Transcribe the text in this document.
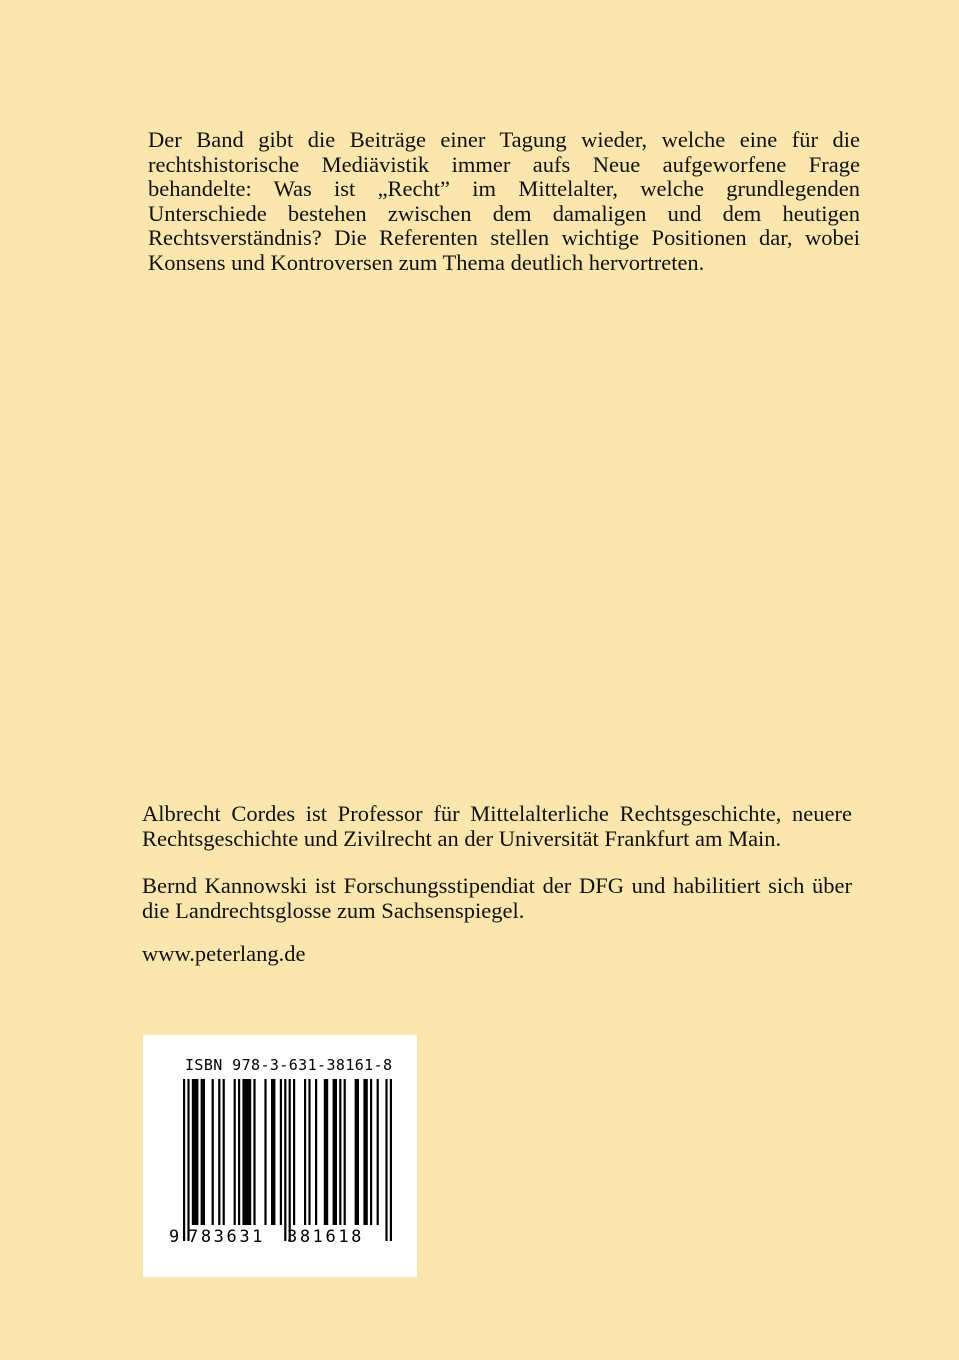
Der Band gibt die Beiträge einer Tagung wieder, welche eine für die rechtshistorische Mediävistik immer aufs Neue aufgeworfene Frage behandelte: Was ist „Recht” im Mittelalter, welche grundlegenden Unterschiede bestehen zwischen dem damaligen und dem heutigen Rechtsverständnis? Die Referenten stellen wichtige Positionen dar, wobei Konsens und Kontroversen zum Thema deutlich hervortreten.

Albrecht Cordes ist Professor für Mittelalterliche Rechtsgeschichte, neuere Rechtsgeschichte und Zivilrecht an der Universität Frankfurt am Main.

Bernd Kannowski ist Forschungsstipendiat der DFG und habilitiert sich über die Landrechtsglosse zum Sachsenspiegel.

www.peterlang.de

ISBN 978-3-631-38161-8
9 783631 381618
